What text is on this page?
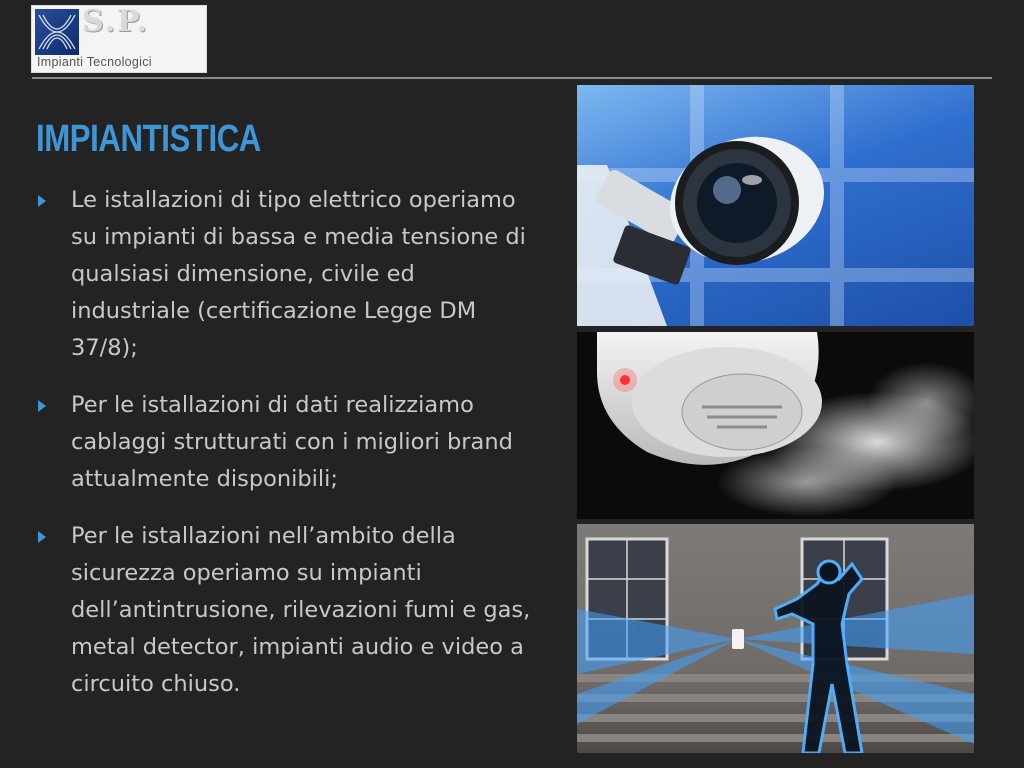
S.P.
Impianti Tecnologici
IMPIANTISTICA
Le istallazioni di tipo elettrico operiamo su impianti di bassa e media tensione di qualsiasi dimensione, civile ed industriale (certificazione Legge DM 37/8);
Per le istallazioni di dati realizziamo cablaggi strutturati con i migliori brand attualmente disponibili;
Per le istallazioni nell’ambito della sicurezza operiamo su impianti dell’antintrusione, rilevazioni fumi e gas, metal detector, impianti audio e video a circuito chiuso.
